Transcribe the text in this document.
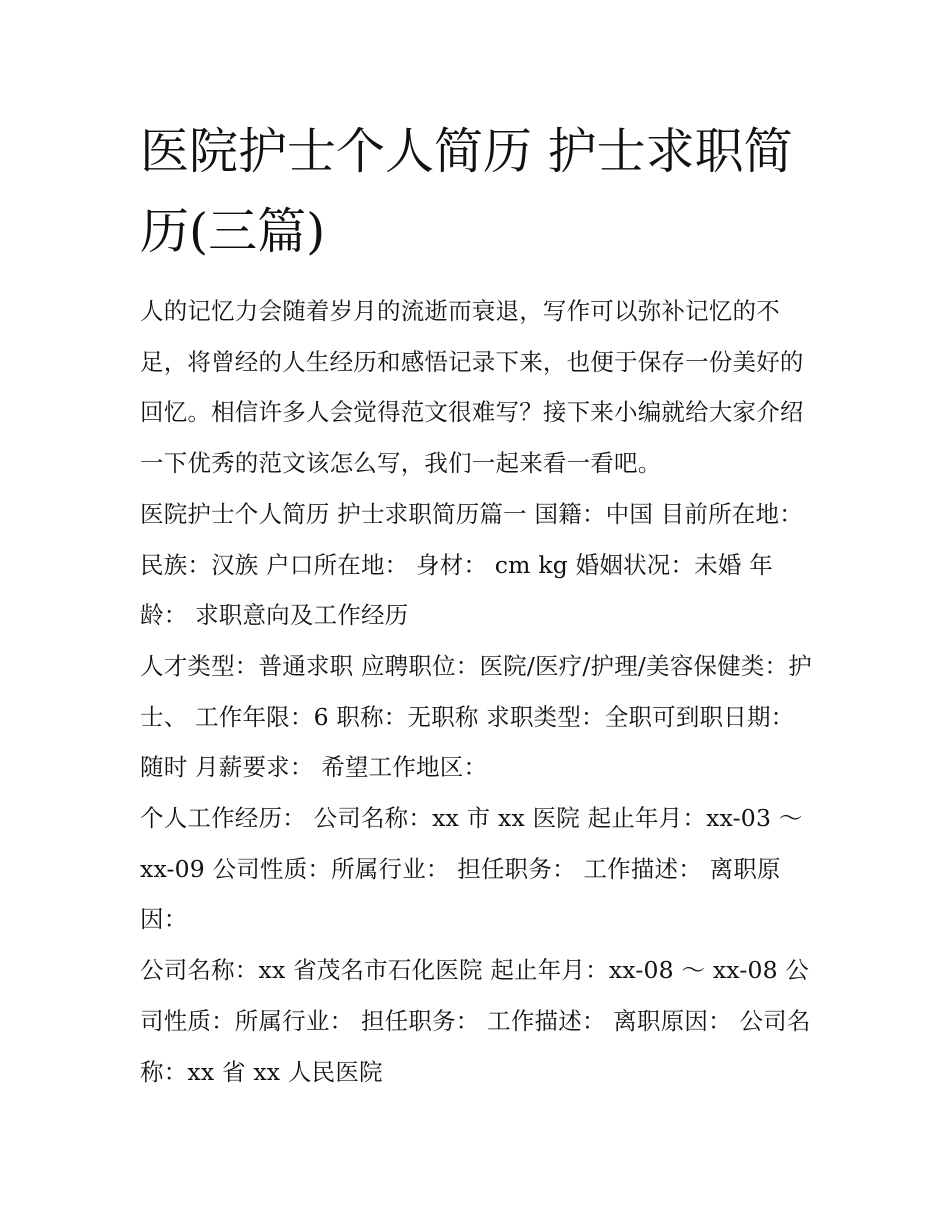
医院护士个人简历 护士求职简历(三篇)

人的记忆力会随着岁月的流逝而衰退，写作可以弥补记忆的不足，将曾经的人生经历和感悟记录下来，也便于保存一份美好的回忆。相信许多人会觉得范文很难写？接下来小编就给大家介绍一下优秀的范文该怎么写，我们一起来看一看吧。

医院护士个人简历 护士求职简历篇一 国籍：中国 目前所在地： 民族：汉族 户口所在地： 身材： cm kg 婚姻状况：未婚 年龄： 求职意向及工作经历

人才类型：普通求职 应聘职位：医院/医疗/护理/美容保健类：护士、 工作年限：6 职称：无职称 求职类型：全职可到职日期：随时 月薪要求： 希望工作地区：

个人工作经历： 公司名称：xx 市 xx 医院 起止年月：xx-03 ～ xx-09 公司性质：所属行业： 担任职务： 工作描述： 离职原因：

公司名称：xx 省茂名市石化医院 起止年月：xx-08 ～ xx-08 公司性质：所属行业： 担任职务： 工作描述： 离职原因： 公司名称：xx 省 xx 人民医院
